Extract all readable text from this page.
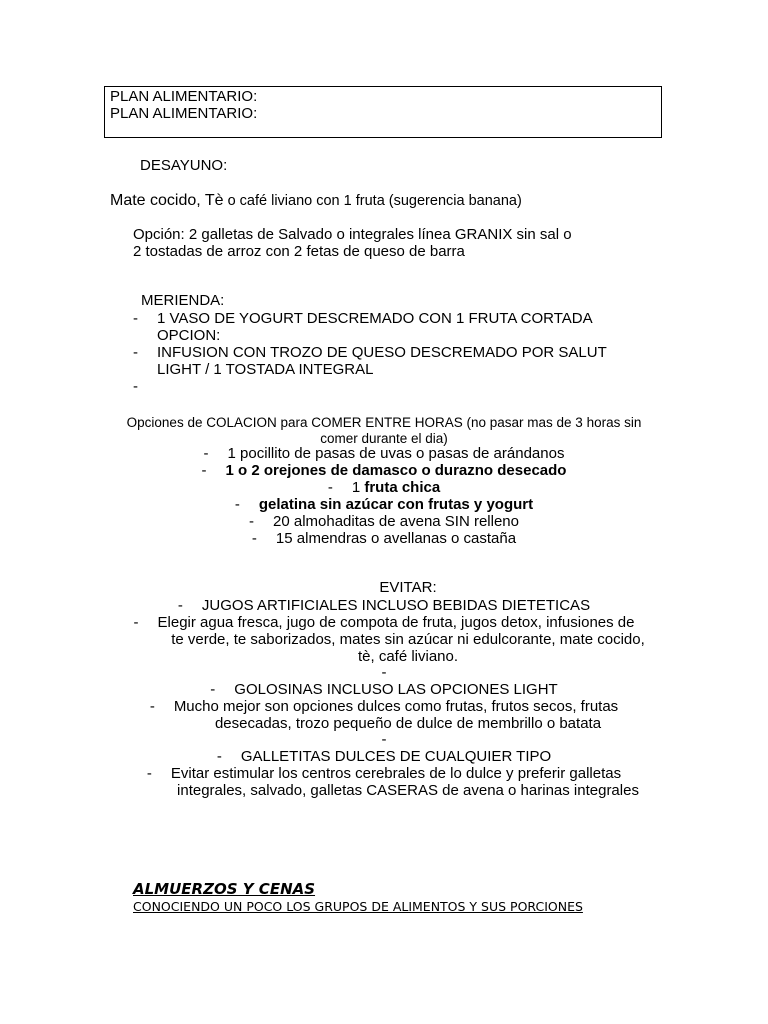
PLAN ALIMENTARIO:
PLAN ALIMENTARIO:
DESAYUNO:
Mate cocido, Tè o café liviano con 1 fruta (sugerencia banana)
Opción: 2 galletas de Salvado o integrales línea GRANIX sin sal o
2 tostadas de arroz con 2 fetas de queso de barra
MERIENDA:
- 1 VASO DE YOGURT DESCREMADO CON 1 FRUTA CORTADA
OPCION:
- INFUSION CON TROZO DE QUESO DESCREMADO POR SALUT
LIGHT / 1 TOSTADA INTEGRAL
-
Opciones de COLACION para COMER ENTRE HORAS (no pasar mas de 3 horas sin
comer durante el dia)
- 1 pocillito de pasas de uvas o pasas de arándanos
- 1 o 2 orejones de damasco o durazno desecado
- 1 fruta chica
- gelatina sin azúcar con frutas y yogurt
- 20 almohaditas de avena SIN relleno
- 15 almendras o avellanas o castaña
EVITAR:
- JUGOS ARTIFICIALES INCLUSO BEBIDAS DIETETICAS
- Elegir agua fresca, jugo de compota de fruta, jugos detox, infusiones de
te verde, te saborizados, mates sin azúcar ni edulcorante, mate cocido,
tè, café liviano.
-
- GOLOSINAS INCLUSO LAS OPCIONES LIGHT
- Mucho mejor son opciones dulces como frutas, frutos secos, frutas
desecadas, trozo pequeño de dulce de membrillo o batata
-
- GALLETITAS DULCES DE CUALQUIER TIPO
- Evitar estimular los centros cerebrales de lo dulce y preferir galletas
integrales, salvado, galletas CASERAS de avena o harinas integrales
ALMUERZOS Y CENAS
CONOCIENDO UN POCO LOS GRUPOS DE ALIMENTOS Y SUS PORCIONES
